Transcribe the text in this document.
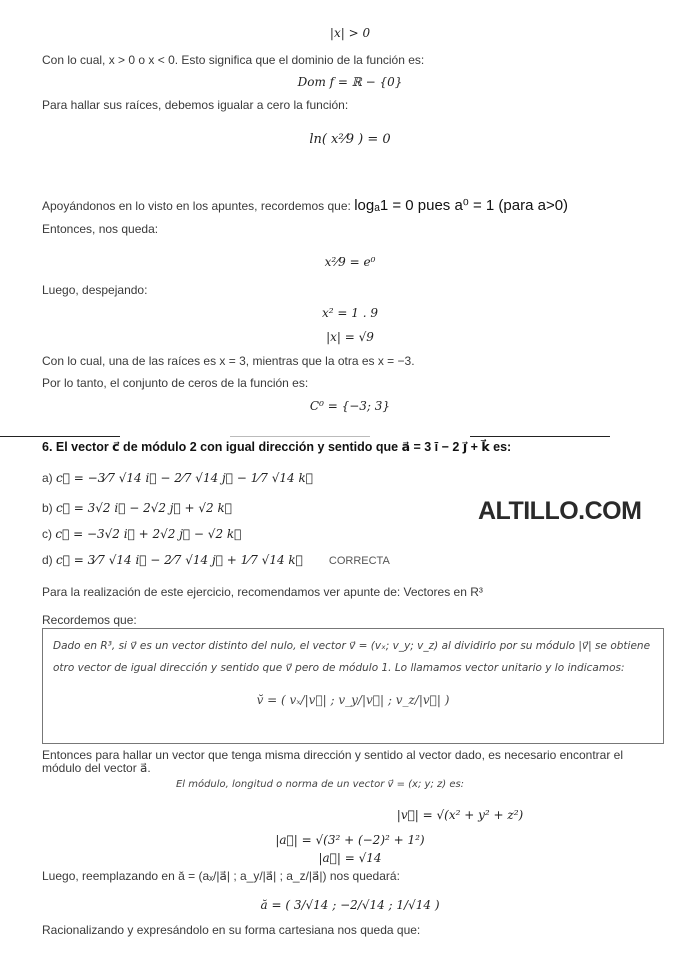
|x| > 0
Con lo cual, x > 0 o x < 0. Esto significa que el dominio de la función es:
Dom f = ℝ − {0}
Para hallar sus raíces, debemos igualar a cero la función:
ln( x²⁄9 ) = 0
Apoyándonos en lo visto en los apuntes, recordemos que: logₐ1 = 0 pues a⁰ = 1 (para a>0)
Entonces, nos queda:
x²⁄9 = e⁰
Luego, despejando:
x² = 1 . 9
|x| = √9
Con lo cual, una de las raíces es x = 3, mientras que la otra es x = −3.
Por lo tanto, el conjunto de ceros de la función es:
C⁰ = {−3; 3}
6. El vector c⃗ de módulo 2 con igual dirección y sentido que a⃗ = 3 ī − 2 j⃗ + k⃗ es:
a) c⃗ = −3⁄7 √14 i⃗ − 2⁄7 √14 j⃗ − 1⁄7 √14 k⃗
b) c⃗ = 3√2 i⃗ − 2√2 j⃗ + √2 k⃗
c) c⃗ = −3√2 i⃗ + 2√2 j⃗ − √2 k⃗
d) c⃗ = 3⁄7 √14 i⃗ − 2⁄7 √14 j⃗ + 1⁄7 √14 k⃗ CORRECTA
ALTILLO.COM
Para la realización de este ejercicio, recomendamos ver apunte de: Vectores en R³
Recordemos que:
Dado en R³, si v⃗ es un vector distinto del nulo, el vector v⃗ = (vₓ; v_y; v_z) al dividirlo por su módulo |v⃗| se obtiene
otro vector de igual dirección y sentido que v⃗ pero de módulo 1. Lo llamamos vector unitario y lo indicamos:
v̆ = ( vₓ/|v⃗| ; v_y/|v⃗| ; v_z/|v⃗| )
Entonces para hallar un vector que tenga misma dirección y sentido al vector dado, es necesario encontrar el
módulo del vector a⃗.
El módulo, longitud o norma de un vector v⃗ = (x; y; z) es:
|v⃗| = √(x² + y² + z²)
|a⃗| = √(3² + (−2)² + 1²)
|a⃗| = √14
Luego, reemplazando en ă = (aₓ/|a⃗| ; a_y/|a⃗| ; a_z/|a⃗|) nos quedará:
ă = ( 3/√14 ; −2/√14 ; 1/√14 )
Racionalizando y expresándolo en su forma cartesiana nos queda que:
